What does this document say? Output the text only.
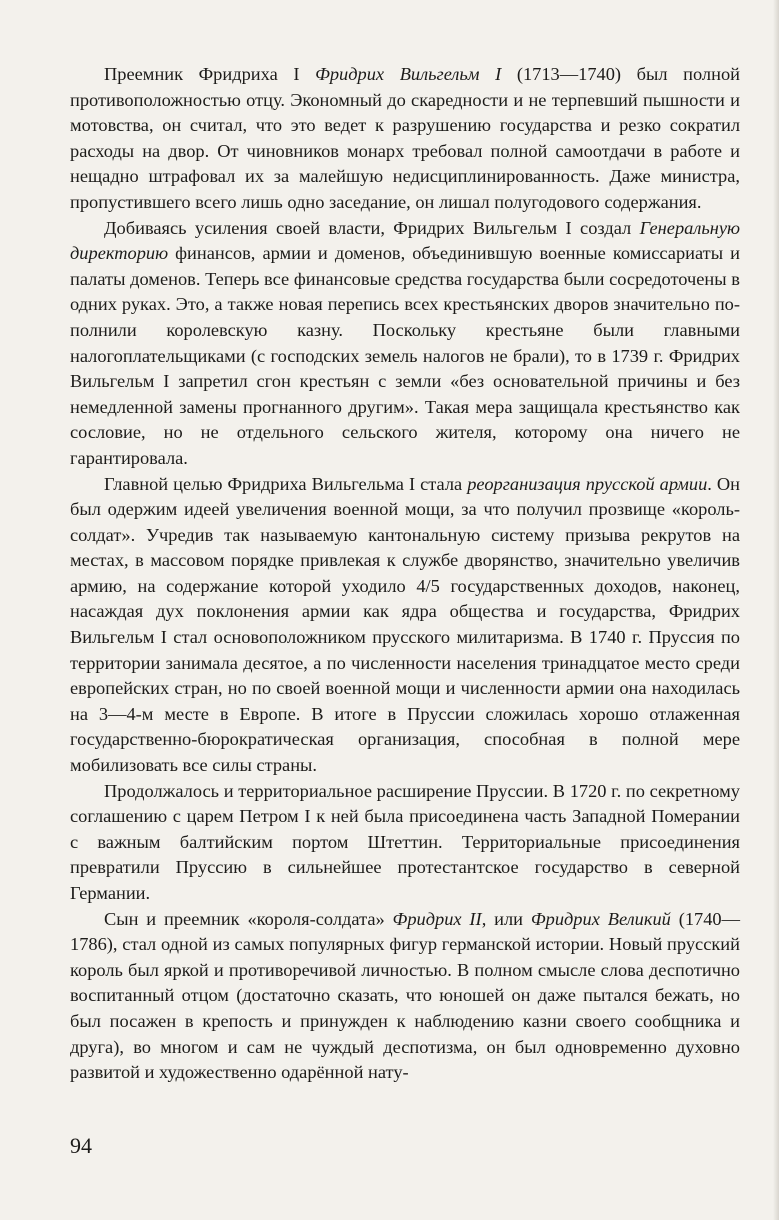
Преемник Фридриха I Фридрих Вильгельм I (1713—1740) был полной противоположностью отцу. Экономный до скаредности и не терпевший пышности и мотовства, он считал, что это ведет к разрушению государства и резко сократил расходы на двор. От чиновников монарх требовал полной самоотдачи в работе и нещадно штрафовал их за малейшую недисциплинированность. Даже министра, пропустившего всего лишь одно заседание, он лишал полугодового содержания.

Добиваясь усиления своей власти, Фридрих Вильгельм I создал Генеральную директорию финансов, армии и доменов, объединившую военные комиссариаты и палаты доменов. Теперь все финансовые средства государства были сосредоточены в одних руках. Это, а также новая перепись всех крестьянских дворов значительно пополнили королевскую казну. Поскольку крестьяне были главными налогоплательщиками (с господских земель налогов не брали), то в 1739 г. Фридрих Вильгельм I запретил сгон крестьян с земли «без основательной причины и без немедленной замены прогнанного другим». Такая мера защищала крестьянство как сословие, но не отдельного сельского жителя, которому она ничего не гарантировала.

Главной целью Фридриха Вильгельма I стала реорганизация прусской армии. Он был одержим идеей увеличения военной мощи, за что получил прозвище «король-солдат». Учредив так называемую кантональную систему призыва рекрутов на местах, в массовом порядке привлекая к службе дворянство, значительно увеличив армию, на содержание которой уходило 4/5 государственных доходов, наконец, насаждая дух поклонения армии как ядра общества и государства, Фридрих Вильгельм I стал основоположником прусского милитаризма. В 1740 г. Пруссия по территории занимала десятое, а по численности населения тринадцатое место среди европейских стран, но по своей военной мощи и численности армии она находилась на 3—4-м месте в Европе. В итоге в Пруссии сложилась хорошо отлаженная государственно-бюрократическая организация, способная в полной мере мобилизовать все силы страны.

Продолжалось и территориальное расширение Пруссии. В 1720 г. по секретному соглашению с царем Петром I к ней была присоединена часть Западной Померании с важным балтийским портом Штеттин. Территориальные присоединения превратили Пруссию в сильнейшее протестантское государство в северной Германии.

Сын и преемник «короля-солдата» Фридрих II, или Фридрих Великий (1740—1786), стал одной из самых популярных фигур германской истории. Новый прусский король был яркой и противоречивой личностью. В полном смысле слова деспотично воспитанный отцом (достаточно сказать, что юношей он даже пытался бежать, но был посажен в крепость и принужден к наблюдению казни своего сообщника и друга), во многом и сам не чуждый деспотизма, он был одновременно духовно развитой и художественно одарённой нату-

94
